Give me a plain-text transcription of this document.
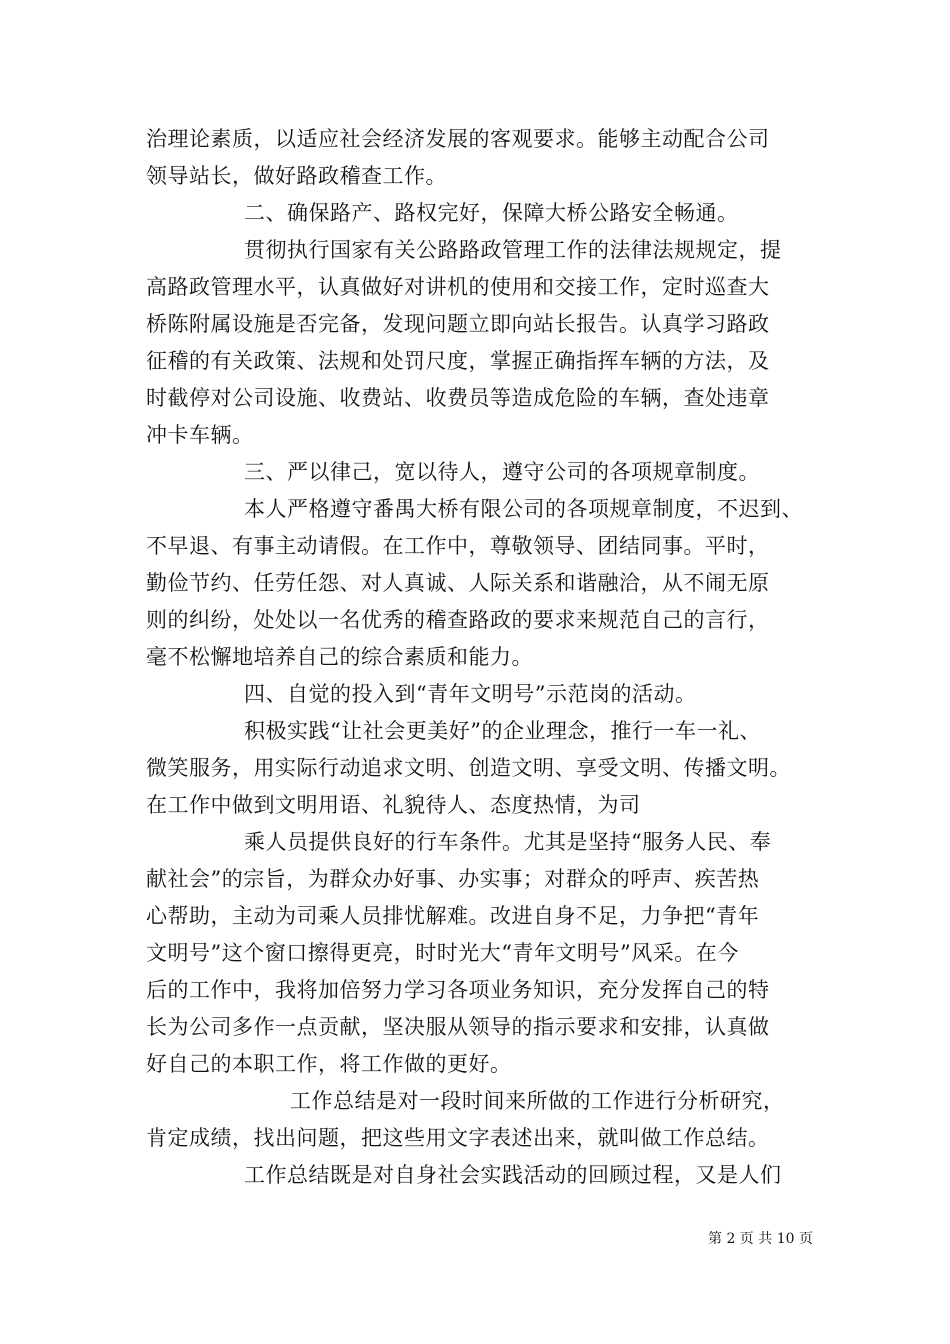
治理论素质，以适应社会经济发展的客观要求。能够主动配合公司
领导站长，做好路政稽查工作。
二、确保路产、路权完好，保障大桥公路安全畅通。
贯彻执行国家有关公路路政管理工作的法律法规规定，提
高路政管理水平，认真做好对讲机的使用和交接工作，定时巡查大
桥陈附属设施是否完备，发现问题立即向站长报告。认真学习路政
征稽的有关政策、法规和处罚尺度，掌握正确指挥车辆的方法，及
时截停对公司设施、收费站、收费员等造成危险的车辆，查处违章
冲卡车辆。
三、严以律己，宽以待人，遵守公司的各项规章制度。
本人严格遵守番禺大桥有限公司的各项规章制度，不迟到、
不早退、有事主动请假。在工作中，尊敬领导、团结同事。平时，
勤俭节约、任劳任怨、对人真诚、人际关系和谐融洽，从不闹无原
则的纠纷，处处以一名优秀的稽查路政的要求来规范自己的言行，
毫不松懈地培养自己的综合素质和能力。
四、自觉的投入到“青年文明号”示范岗的活动。
积极实践“让社会更美好”的企业理念，推行一车一礼、
微笑服务，用实际行动追求文明、创造文明、享受文明、传播文明。
在工作中做到文明用语、礼貌待人、态度热情，为司
乘人员提供良好的行车条件。尤其是坚持“服务人民、奉
献社会”的宗旨，为群众办好事、办实事；对群众的呼声、疾苦热
心帮助，主动为司乘人员排忧解难。改进自身不足，力争把“青年
文明号”这个窗口擦得更亮，时时光大“青年文明号”风采。在今
后的工作中，我将加倍努力学习各项业务知识，充分发挥自己的特
长为公司多作一点贡献，坚决服从领导的指示要求和安排，认真做
好自己的本职工作，将工作做的更好。
工作总结是对一段时间来所做的工作进行分析研究，
肯定成绩，找出问题，把这些用文字表述出来，就叫做工作总结。
工作总结既是对自身社会实践活动的回顾过程，又是人们
第 2 页 共 10 页
